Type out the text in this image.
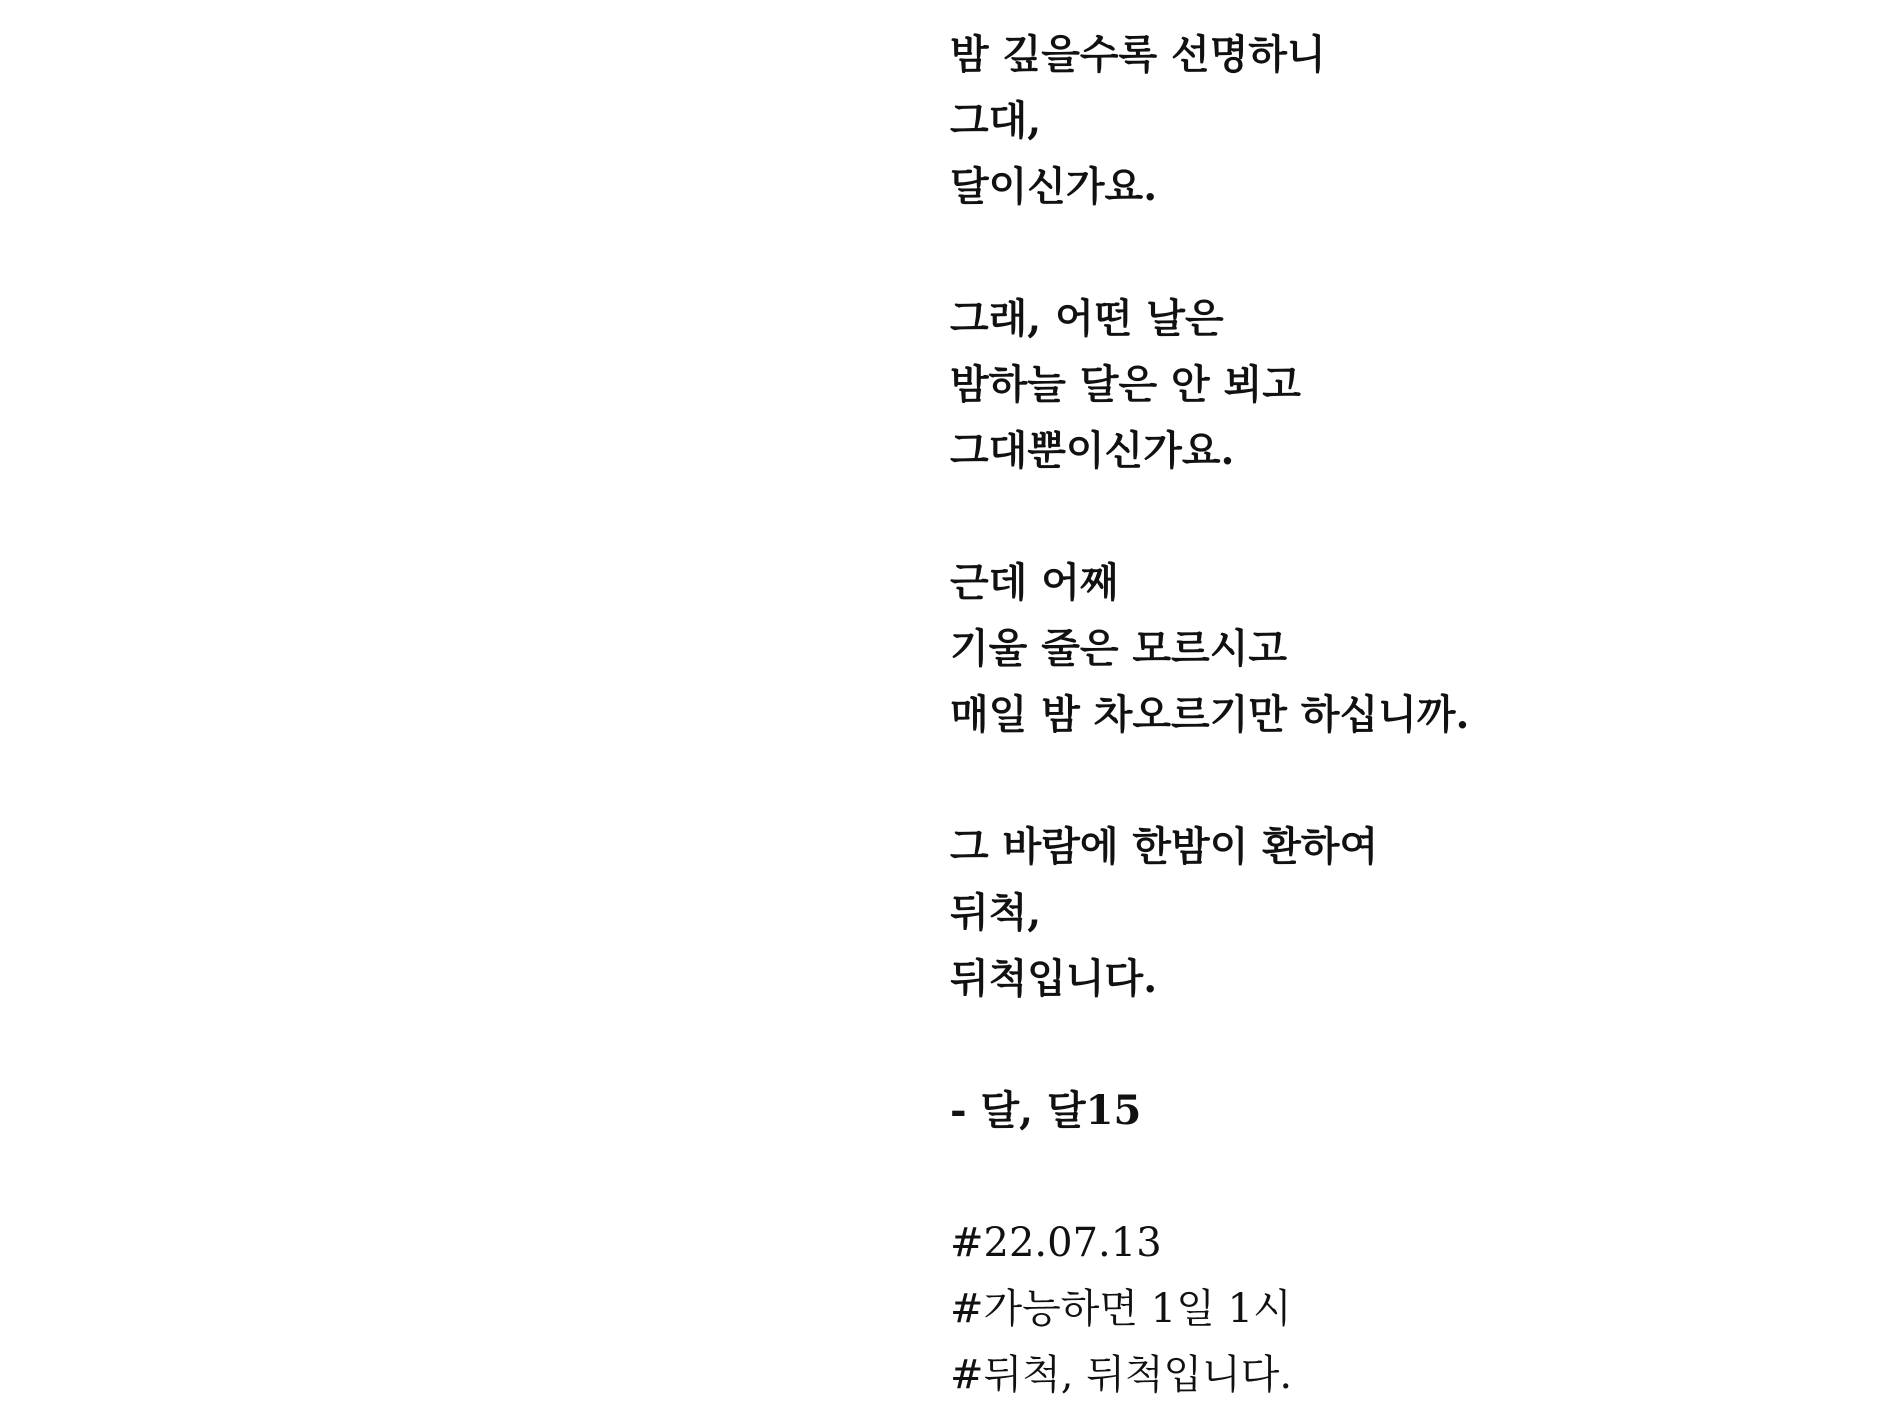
밤 깊을수록 선명하니
그대,
달이신가요.
그래, 어떤 날은
밤하늘 달은 안 뵈고
그대뿐이신가요.
근데 어째
기울 줄은 모르시고
매일 밤 차오르기만 하십니까.
그 바람에 한밤이 환하여
뒤척,
뒤척입니다.
- 달, 달15
#22.07.13
#가능하면 1일 1시
#뒤척, 뒤척입니다.
